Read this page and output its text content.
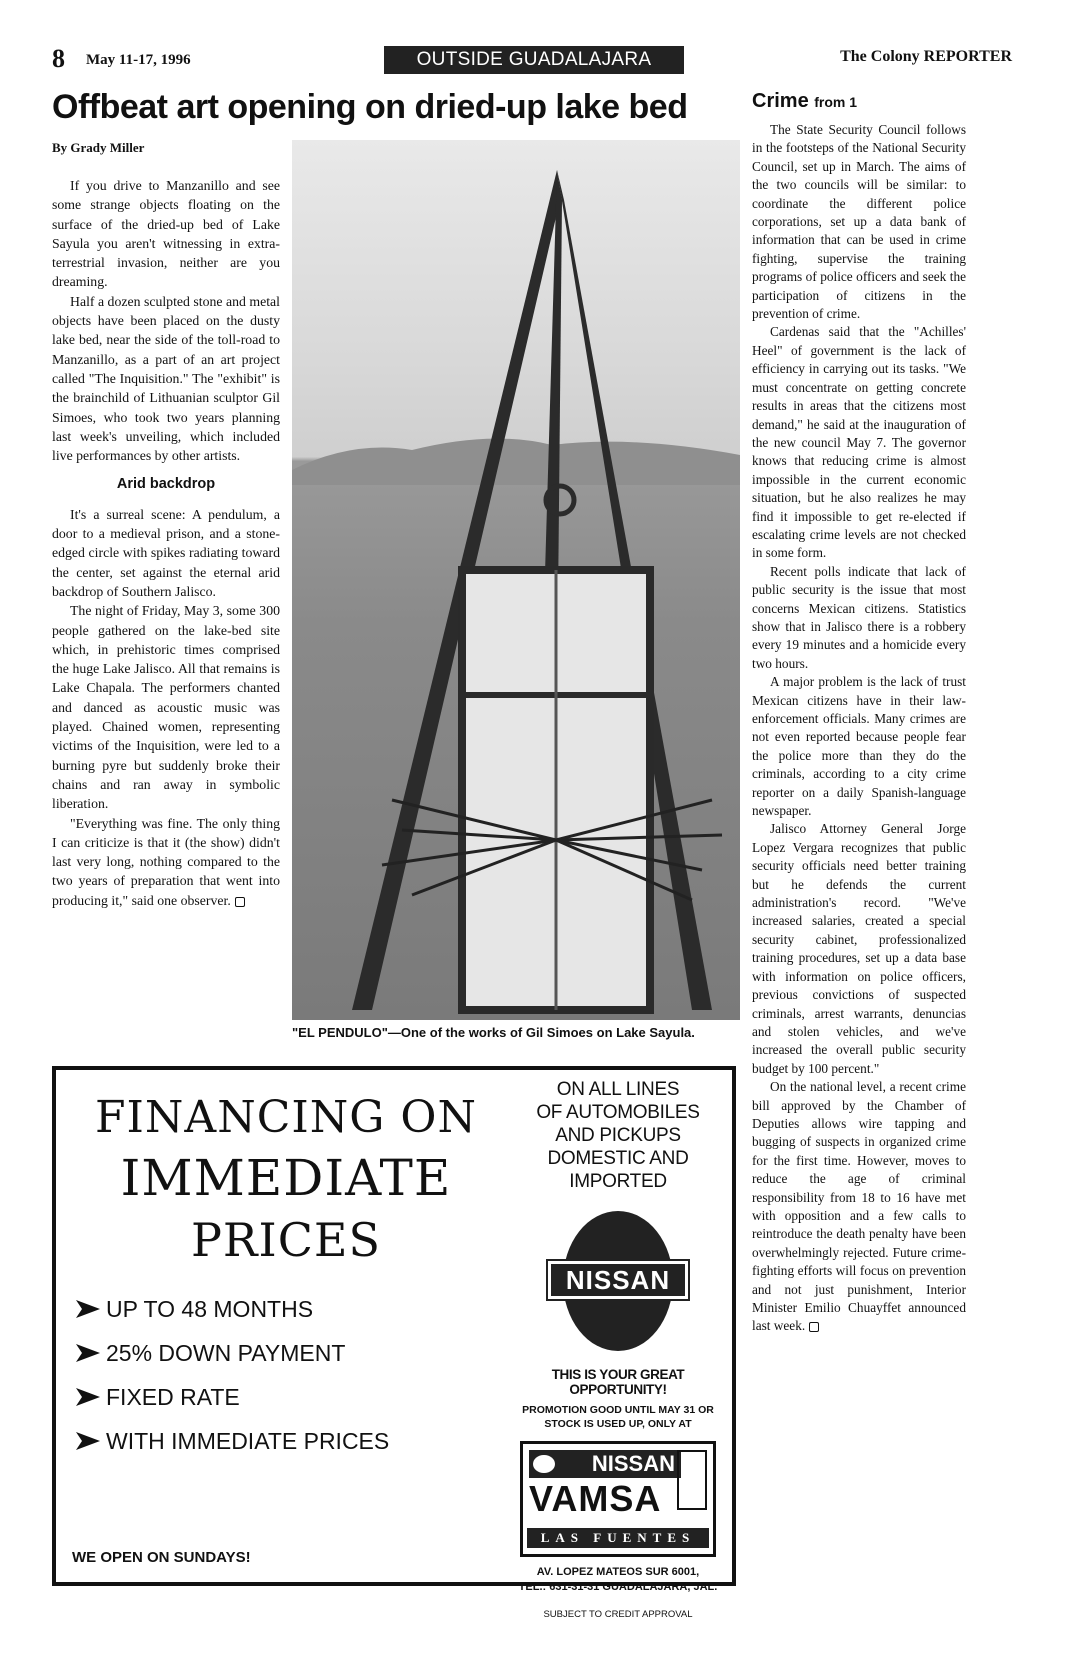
8 May 11-17, 1996	OUTSIDE GUADALAJARA	The Colony REPORTER
Offbeat art opening on dried-up lake bed
By Grady Miller

If you drive to Manzanillo and see some strange objects floating on the surface of the dried-up bed of Lake Sayula you aren't witnessing in extra-terrestrial invasion, neither are you dreaming.

Half a dozen sculpted stone and metal objects have been placed on the dusty lake bed, near the side of the toll-road to Manzanillo, as a part of an art project called "The Inquisition." The "exhibit" is the brainchild of Lithuanian sculptor Gil Simoes, who took two years planning last week's unveiling, which included live performances by other artists.

Arid backdrop

It's a surreal scene: A pendulum, a door to a medieval prison, and a stone-edged circle with spikes radiating toward the center, set against the eternal arid backdrop of Southern Jalisco.

The night of Friday, May 3, some 300 people gathered on the lake-bed site which, in prehistoric times comprised the huge Lake Jalisco. All that remains is Lake Chapala. The performers chanted and danced as acoustic music was played. Chained women, representing victims of the Inquisition, were led to a burning pyre but suddenly broke their chains and ran away in symbolic liberation.

"Everything was fine. The only thing I can criticize is that it (the show) didn't last very long, nothing compared to the two years of preparation that went into producing it," said one observer.

"EL PENDULO"—One of the works of Gil Simoes on Lake Sayula.
Crime from 1

The State Security Council follows in the footsteps of the National Security Council, set up in March. The aims of the two councils will be similar: to coordinate the different police corporations, set up a data bank of information that can be used in crime fighting, supervise the training programs of police officers and seek the participation of citizens in the prevention of crime.

Cardenas said that the "Achilles' Heel" of government is the lack of efficiency in carrying out its tasks. "We must concentrate on getting concrete results in areas that the citizens most demand," he said at the inauguration of the new council May 7. The governor knows that reducing crime is almost impossible in the current economic situation, but he also realizes he may find it impossible to get re-elected if escalating crime levels are not checked in some form.

Recent polls indicate that lack of public security is the issue that most concerns Mexican citizens. Statistics show that in Jalisco there is a robbery every 19 minutes and a homicide every two hours.

A major problem is the lack of trust Mexican citizens have in their law-enforcement officials. Many crimes are not even reported because people fear the police more than they do the criminals, according to a city crime reporter on a daily Spanish-language newspaper.

Jalisco Attorney General Jorge Lopez Vergara recognizes that public security officials need better training but he defends the current administration's record. "We've increased salaries, created a special security cabinet, professionalized training procedures, set up a data base with information on police officers, previous convictions of suspected criminals, arrest warrants, denuncias and stolen vehicles, and we've increased the overall public security budget by 100 percent."

On the national level, a recent crime bill approved by the Chamber of Deputies allows wire tapping and bugging of suspects in organized crime for the first time. However, moves to reduce the age of criminal responsibility from 18 to 16 have met with opposition and a few calls to reintroduce the death penalty have been overwhelmingly rejected. Future crime-fighting efforts will focus on prevention and not just punishment, Interior Minister Emilio Chuayffet announced last week.

FINANCING ON
IMMEDIATE
PRICES
UP TO 48 MONTHS
25% DOWN PAYMENT
FIXED RATE
WITH IMMEDIATE PRICES
WE OPEN ON SUNDAYS!
ON ALL LINES
OF AUTOMOBILES
AND PICKUPS
DOMESTIC AND
IMPORTED
NISSAN
THIS IS YOUR GREAT OPPORTUNITY!
PROMOTION GOOD UNTIL MAY 31 OR
STOCK IS USED UP, ONLY AT
NISSAN
VAMSA
LAS FUENTES
AV. LOPEZ MATEOS SUR 6001,
TEL.: 631-31-31 GUADALAJARA, JAL.
SUBJECT TO CREDIT APPROVAL
